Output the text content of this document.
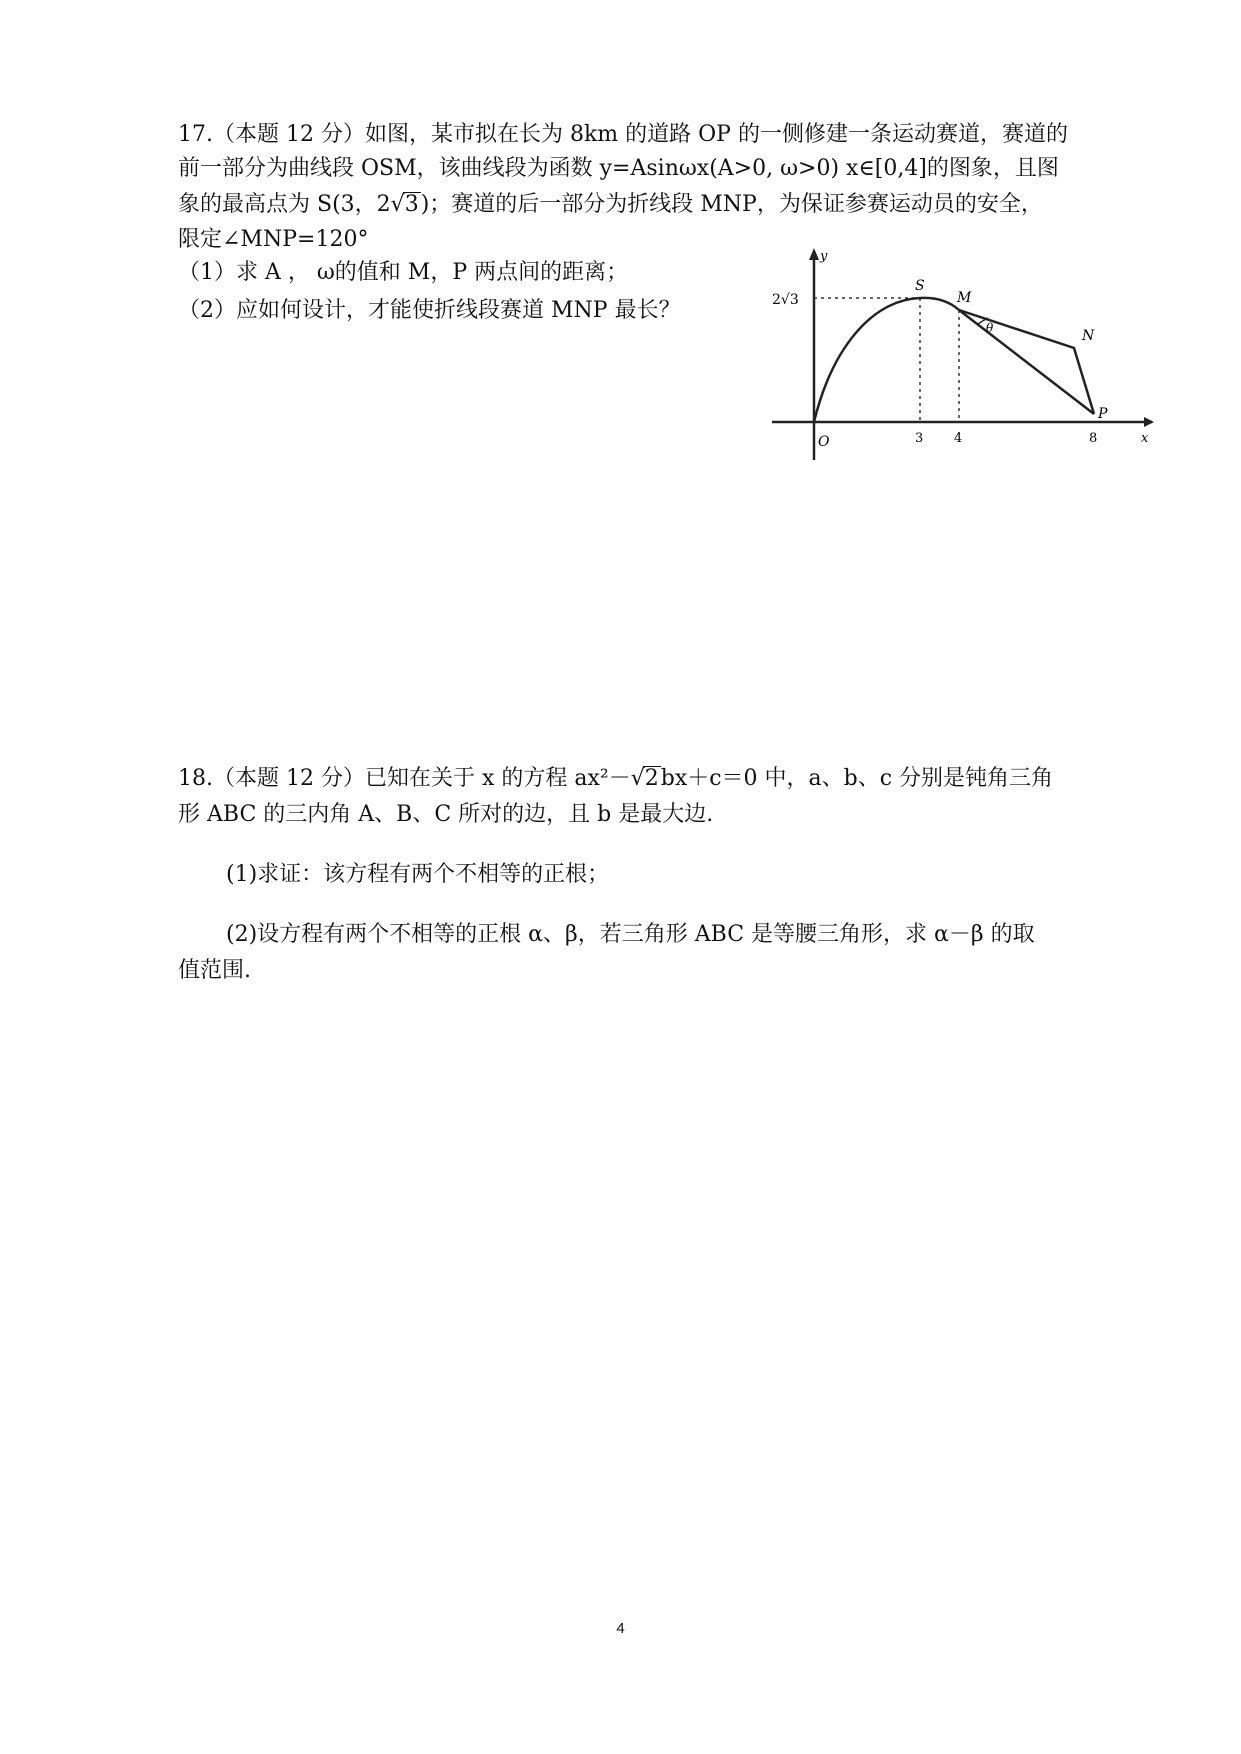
17.（本题 12 分）如图，某市拟在长为 8km 的道路 OP 的一侧修建一条运动赛道，赛道的
前一部分为曲线段 OSM，该曲线段为函数 y=Asinωx(A>0, ω>0) x∈[0,4]的图象，且图
象的最高点为 S(3，2√3)；赛道的后一部分为折线段 MNP，为保证参赛运动员的安全，
限定∠MNP=120°
（1）求 A ， ω的值和 M，P 两点间的距离；
（2）应如何设计，才能使折线段赛道 MNP 最长？
O	x
y
2√3
3 4	8
S
M
N
P
θ
18.（本题 12 分）已知在关于 x 的方程 ax²－√2bx＋c＝0 中，a、b、c 分别是钝角三角
形 ABC 的三内角 A、B、C 所对的边，且 b 是最大边.
(1)求证：该方程有两个不相等的正根；
(2)设方程有两个不相等的正根 α、β，若三角形 ABC 是等腰三角形，求 α－β 的取
值范围.
4
